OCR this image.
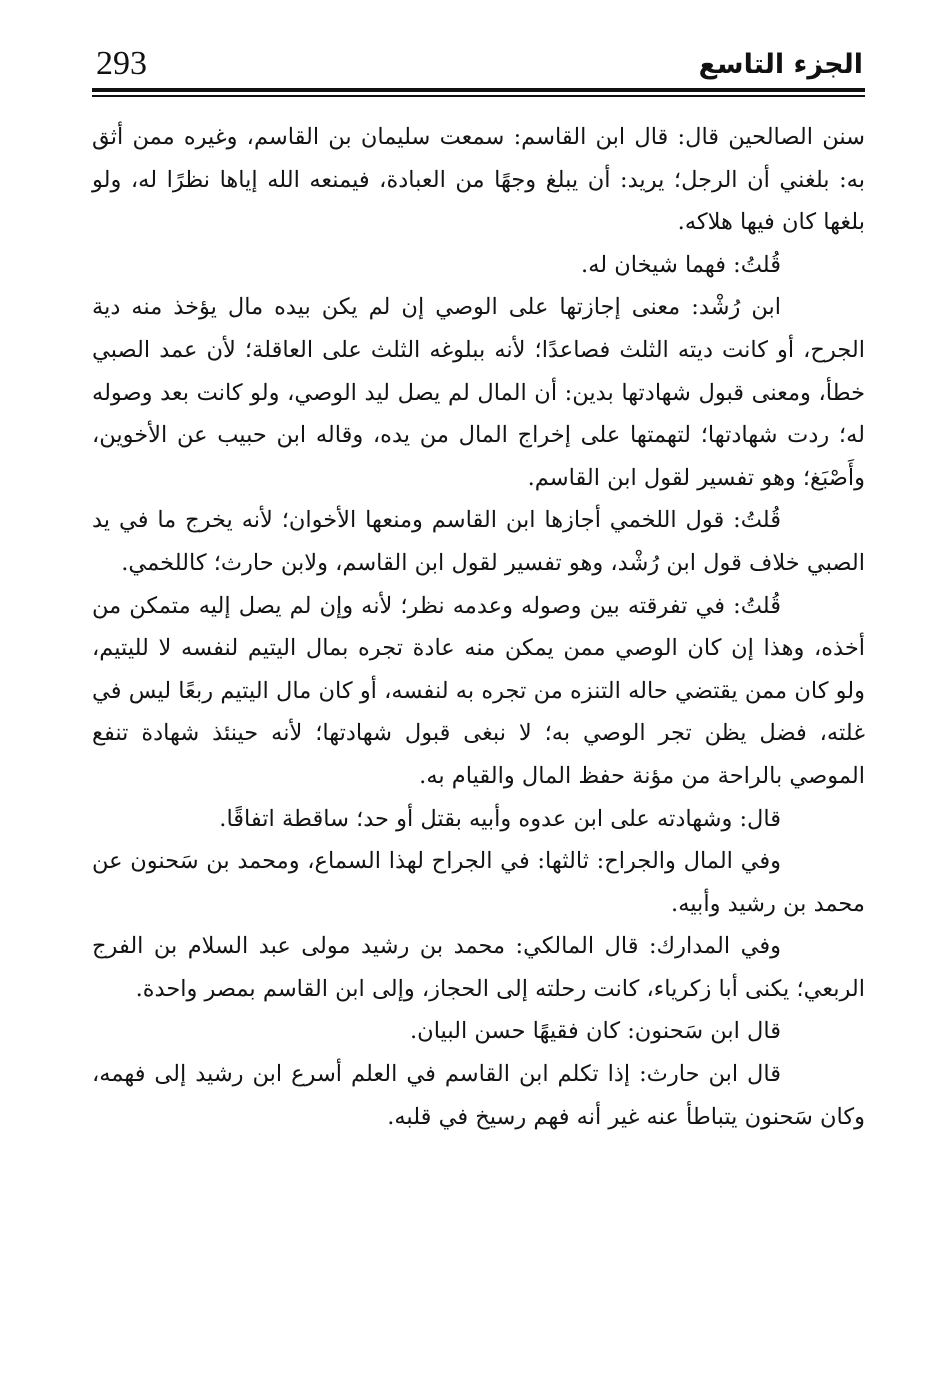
293	الجزء التاسع

سنن الصالحين قال: قال ابن القاسم: سمعت سليمان بن القاسم، وغيره ممن أثق به: بلغني أن الرجل؛ يريد: أن يبلغ وجهًا من العبادة، فيمنعه الله إياها نظرًا له، ولو بلغها كان فيها هلاكه.

قُلتُ: فهما شيخان له.

ابن رُشْد: معنى إجازتها على الوصي إن لم يكن بيده مال يؤخذ منه دية الجرح، أو كانت ديته الثلث فصاعدًا؛ لأنه ببلوغه الثلث على العاقلة؛ لأن عمد الصبي خطأ، ومعنى قبول شهادتها بدين: أن المال لم يصل ليد الوصي، ولو كانت بعد وصوله له؛ ردت شهادتها؛ لتهمتها على إخراج المال من يده، وقاله ابن حبيب عن الأخوين، وأَصْبَغ؛ وهو تفسير لقول ابن القاسم.

قُلتُ: قول اللخمي أجازها ابن القاسم ومنعها الأخوان؛ لأنه يخرج ما في يد الصبي خلاف قول ابن رُشْد، وهو تفسير لقول ابن القاسم، ولابن حارث؛ كاللخمي.

قُلتُ: في تفرقته بين وصوله وعدمه نظر؛ لأنه وإن لم يصل إليه متمكن من أخذه، وهذا إن كان الوصي ممن يمكن منه عادة تجره بمال اليتيم لنفسه لا لليتيم، ولو كان ممن يقتضي حاله التنزه من تجره به لنفسه، أو كان مال اليتيم ربعًا ليس في غلته، فضل يظن تجر الوصي به؛ لا نبغى قبول شهادتها؛ لأنه حينئذ شهادة تنفع الموصي بالراحة من مؤنة حفظ المال والقيام به.

قال: وشهادته على ابن عدوه وأبيه بقتل أو حد؛ ساقطة اتفاقًا.

وفي المال والجراح: ثالثها: في الجراح لهذا السماع، ومحمد بن سَحنون عن محمد بن رشيد وأبيه.

وفي المدارك: قال المالكي: محمد بن رشيد مولى عبد السلام بن الفرج الربعي؛ يكنى أبا زكرياء، كانت رحلته إلى الحجاز، وإلى ابن القاسم بمصر واحدة.

قال ابن سَحنون: كان فقيهًا حسن البيان.

قال ابن حارث: إذا تكلم ابن القاسم في العلم أسرع ابن رشيد إلى فهمه، وكان سَحنون يتباطأ عنه غير أنه فهم رسيخ في قلبه.
